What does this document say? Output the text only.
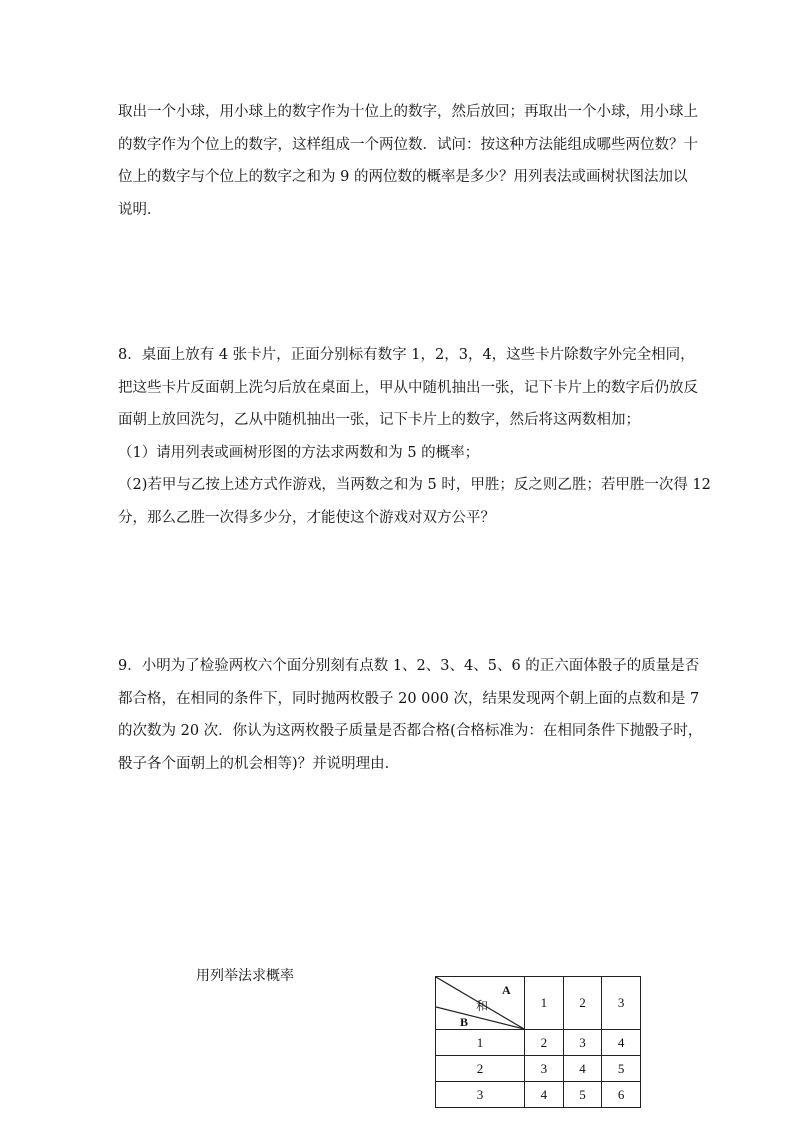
取出一个小球，用小球上的数字作为十位上的数字，然后放回；再取出一个小球，用小球上

的数字作为个位上的数字，这样组成一个两位数．试问：按这种方法能组成哪些两位数？十

位上的数字与个位上的数字之和为 9 的两位数的概率是多少？用列表法或画树状图法加以

说明．

8．桌面上放有 4 张卡片，正面分别标有数字 1，2，3，4，这些卡片除数字外完全相同，

把这些卡片反面朝上洗匀后放在桌面上，甲从中随机抽出一张，记下卡片上的数字后仍放反

面朝上放回洗匀，乙从中随机抽出一张，记下卡片上的数字，然后将这两数相加；

（1）请用列表或画树形图的方法求两数和为 5 的概率；

（2)若甲与乙按上述方式作游戏，当两数之和为 5 时，甲胜；反之则乙胜；若甲胜一次得 12

分，那么乙胜一次得多少分，才能使这个游戏对双方公平？

9．小明为了检验两枚六个面分别刻有点数 1、2、3、4、5、6 的正六面体骰子的质量是否

都合格，在相同的条件下，同时抛两枚骰子 20 000 次，结果发现两个朝上面的点数和是 7

的次数为 20 次．你认为这两枚骰子质量是否都合格(合格标准为：在相同条件下抛骰子时，

骰子各个面朝上的机会相等)？并说明理由．

用列举法求概率
A
和
B	1	2	3
1	2	3	4
2	3	4	5
3	4	5	6
